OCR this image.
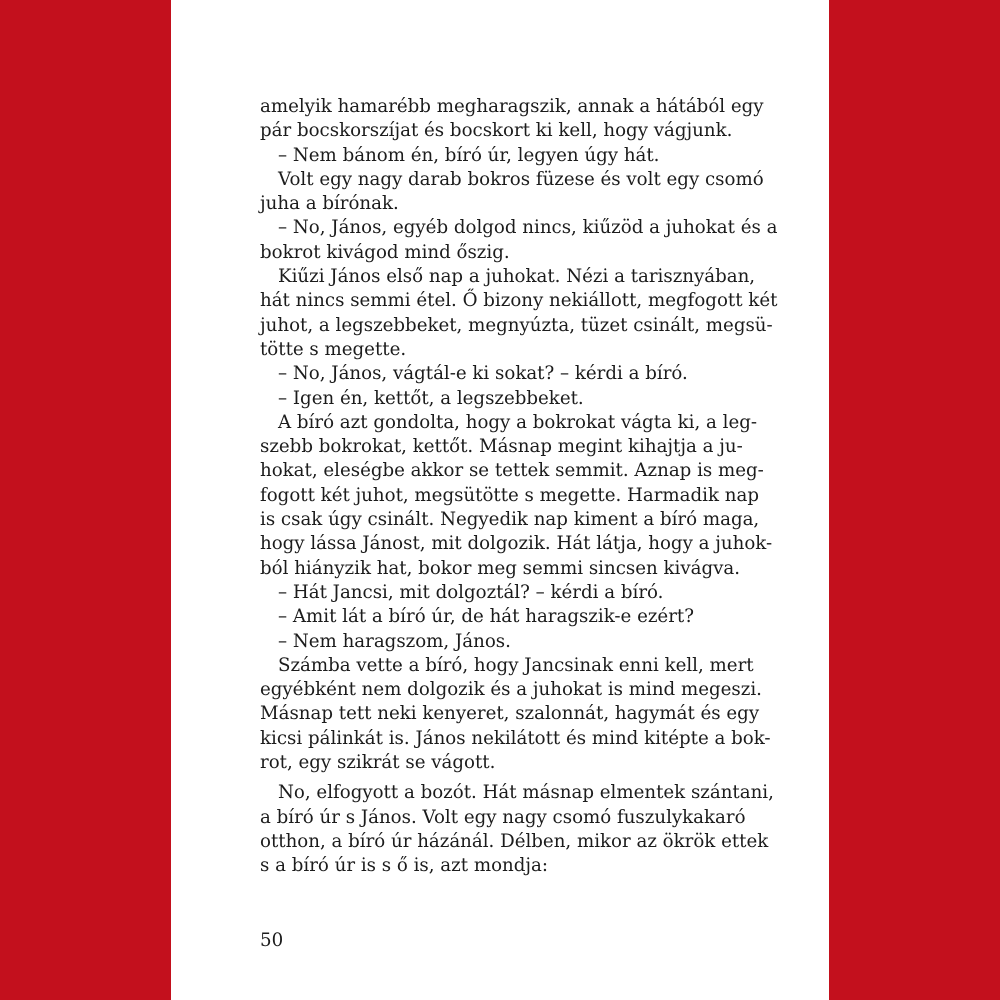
amelyik hamarébb megharagszik, annak a hátából egy
pár bocskorszíjat és bocskort ki kell, hogy vágjunk.
– Nem bánom én, bíró úr, legyen úgy hát.
Volt egy nagy darab bokros füzese és volt egy csomó
juha a bírónak.
– No, János, egyéb dolgod nincs, kiűzöd a juhokat és a
bokrot kivágod mind őszig.
Kiűzi János első nap a juhokat. Nézi a tarisznyában,
hát nincs semmi étel. Ő bizony nekiállott, megfogott két
juhot, a legszebbeket, megnyúzta, tüzet csinált, megsü-
tötte s megette.
– No, János, vágtál-e ki sokat? – kérdi a bíró.
– Igen én, kettőt, a legszebbeket.
A bíró azt gondolta, hogy a bokrokat vágta ki, a leg-
szebb bokrokat, kettőt. Másnap megint kihajtja a ju-
hokat, eleségbe akkor se tettek semmit. Aznap is meg-
fogott két juhot, megsütötte s megette. Harmadik nap
is csak úgy csinált. Negyedik nap kiment a bíró maga,
hogy lássa Jánost, mit dolgozik. Hát látja, hogy a juhok-
ból hiányzik hat, bokor meg semmi sincsen kivágva.
– Hát Jancsi, mit dolgoztál? – kérdi a bíró.
– Amit lát a bíró úr, de hát haragszik-e ezért?
– Nem haragszom, János.
Számba vette a bíró, hogy Jancsinak enni kell, mert
egyébként nem dolgozik és a juhokat is mind megeszi.
Másnap tett neki kenyeret, szalonnát, hagymát és egy
kicsi pálinkát is. János nekilátott és mind kitépte a bok-
rot, egy szikrát se vágott.
No, elfogyott a bozót. Hát másnap elmentek szántani,
a bíró úr s János. Volt egy nagy csomó fuszulykakaró
otthon, a bíró úr házánál. Délben, mikor az ökrök ettek
s a bíró úr is s ő is, azt mondja:
50
